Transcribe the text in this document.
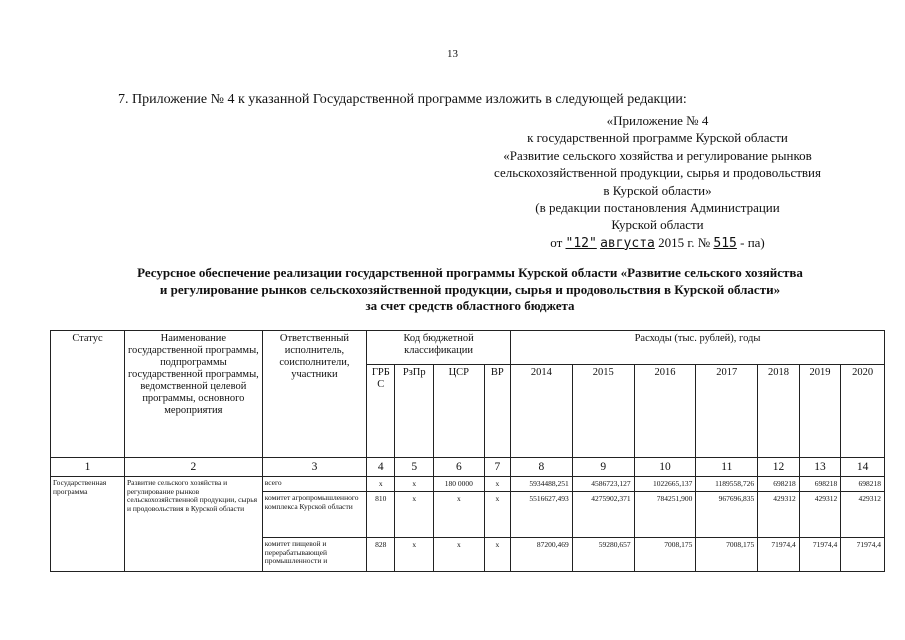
13
7. Приложение № 4 к указанной Государственной программе изложить в следующей редакции:
«Приложение № 4
к государственной программе Курской области
«Развитие сельского хозяйства и регулирование рынков
сельскохозяйственной продукции, сырья и продовольствия
в Курской области»
(в редакции постановления Администрации
Курской области
от "12" августа 2015 г. № 515 - па)
Ресурсное обеспечение реализации государственной программы Курской области «Развитие сельского хозяйства
и регулирование рынков сельскохозяйственной продукции, сырья и продовольствия в Курской области»
за счет средств областного бюджета
Статус	Наименование государственной программы, подпрограммы государственной программы, ведомственной целевой программы, основного мероприятия	Ответственный исполнитель, соисполнители, участники	Код бюджетной классификации				Расходы (тыс. рублей), годы						
			ГРБ С	РзПр	ЦСР	ВР	2014	2015	2016	2017	2018	2019	2020
1	2	3	4	5	6	7	8	9	10	11	12	13	14
Государственная программа	Развитие сельского хозяйства и регулирование рынков сельскохозяйственной продукции, сырья и продовольствия в Курской области	всего	x	x	180 0000	x	5934488,251	4586723,127	1022665,137	1189558,726	698218	698218	698218
		комитет агропромышленного комплекса Курской области	810	x	x	x	5516627,493	4275902,371	784251,900	967696,835	429312	429312	429312
		комитет пищевой и перерабатывающей промышленности и	828	x	x	x	87200,469	59280,657	7008,175	7008,175	71974,4	71974,4	71974,4
